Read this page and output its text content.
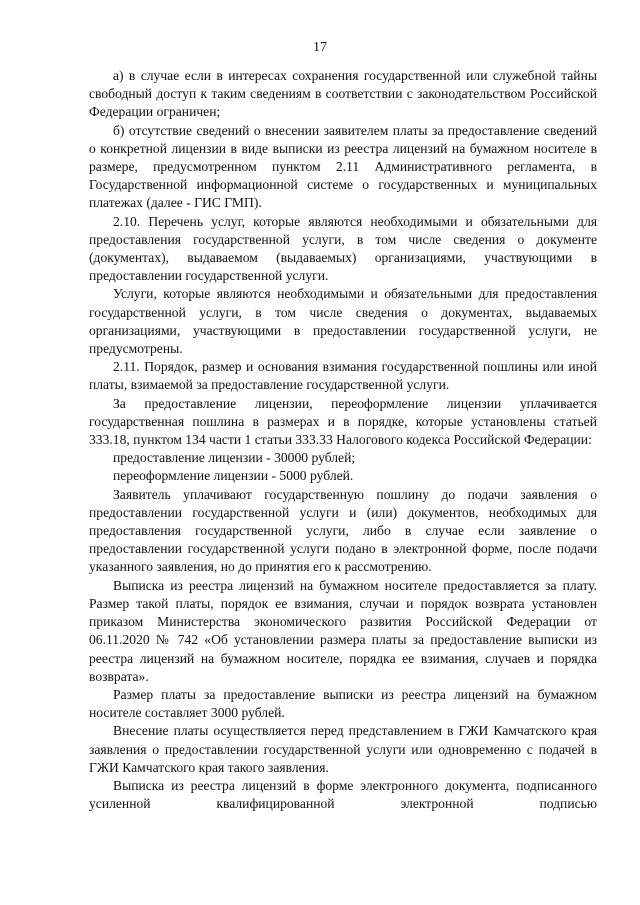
17

а) в случае если в интересах сохранения государственной или служебной тайны свободный доступ к таким сведениям в соответствии с законодательством Российской Федерации ограничен;

б) отсутствие сведений о внесении заявителем платы за предоставление сведений о конкретной лицензии в виде выписки из реестра лицензий на бумажном носителе в размере, предусмотренном пунктом 2.11 Административного регламента, в Государственной информационной системе о государственных и муниципальных платежах (далее - ГИС ГМП).

2.10. Перечень услуг, которые являются необходимыми и обязательными для предоставления государственной услуги, в том числе сведения о документе (документах), выдаваемом (выдаваемых) организациями, участвующими в предоставлении государственной услуги.

Услуги, которые являются необходимыми и обязательными для предоставления государственной услуги, в том числе сведения о документах, выдаваемых организациями, участвующими в предоставлении государственной услуги, не предусмотрены.

2.11. Порядок, размер и основания взимания государственной пошлины или иной платы, взимаемой за предоставление государственной услуги.

За предоставление лицензии, переоформление лицензии уплачивается государственная пошлина в размерах и в порядке, которые установлены статьей 333.18, пунктом 134 части 1 статьи 333.33 Налогового кодекса Российской Федерации:

предоставление лицензии - 30000 рублей;

переоформление лицензии - 5000 рублей.

Заявитель уплачивают государственную пошлину до подачи заявления о предоставлении государственной услуги и (или) документов, необходимых для предоставления государственной услуги, либо в случае если заявление о предоставлении государственной услуги подано в электронной форме, после подачи указанного заявления, но до принятия его к рассмотрению.

Выписка из реестра лицензий на бумажном носителе предоставляется за плату. Размер такой платы, порядок ее взимания, случаи и порядок возврата установлен приказом Министерства экономического развития Российской Федерации от 06.11.2020 № 742 «Об установлении размера платы за предоставление выписки из реестра лицензий на бумажном носителе, порядка ее взимания, случаев и порядка возврата».

Размер платы за предоставление выписки из реестра лицензий на бумажном носителе составляет 3000 рублей.

Внесение платы осуществляется перед представлением в ГЖИ Камчатского края заявления о предоставлении государственной услуги или одновременно с подачей в ГЖИ Камчатского края такого заявления.

Выписка из реестра лицензий в форме электронного документа, подписанного усиленной квалифицированной электронной подписью
